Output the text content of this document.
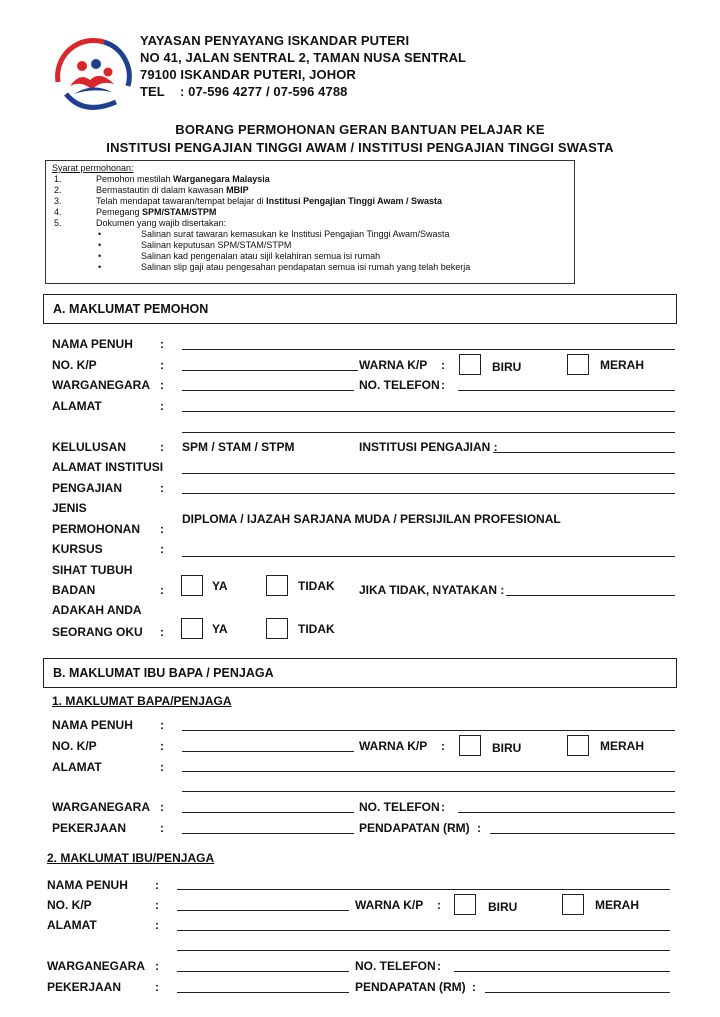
YAYASAN PENYAYANG ISKANDAR PUTERI
NO 41, JALAN SENTRAL 2, TAMAN NUSA SENTRAL
79100 ISKANDAR PUTERI, JOHOR
TEL : 07-596 4277 / 07-596 4788
BORANG PERMOHONAN GERAN BANTUAN PELAJAR KE
INSTITUSI PENGAJIAN TINGGI AWAM / INSTITUSI PENGAJIAN TINGGI SWASTA
Syarat permohonan:
1.	Pemohon mestilah Warganegara Malaysia
2.	Bermastautin di dalam kawasan MBIP
3.	Telah mendapat tawaran/tempat belajar di Institusi Pengajian Tinggi Awam / Swasta
4.	Pemegang SPM/STAM/STPM
5.	Dokumen yang wajib disertakan:
•	Salinan surat tawaran kemasukan ke Institusi Pengajian Tinggi Awam/Swasta
•	Salinan keputusan SPM/STAM/STPM
•	Salinan kad pengenalan atau sijil kelahiran semua isi rumah
•	Salinan slip gaji atau pengesahan pendapatan semua isi rumah yang telah bekerja
A. MAKLUMAT PEMOHON
NAMA PENUH :
NO. K/P	:	WARNA K/P :	BIRU	MERAH
WARGANEGARA :	NO. TELEFON :
ALAMAT	:
KELULUSAN	: SPM / STAM / STPM	INSTITUSI PENGAJIAN :
ALAMAT INSTITUSI
PENGAJIAN	:
JENIS
DIPLOMA / IJAZAH SARJANA MUDA / PERSIJILAN PROFESIONAL
PERMOHONAN :
KURSUS	:
SIHAT TUBUH
BADAN	:	YA	TIDAK JIKA TIDAK, NYATAKAN :
ADAKAH ANDA
SEORANG OKU :	YA	TIDAK
B. MAKLUMAT IBU BAPA / PENJAGA
1. MAKLUMAT BAPA/PENJAGA
NAMA PENUH :
NO. K/P	:	WARNA K/P :	BIRU	MERAH
ALAMAT	:
WARGANEGARA :	NO. TELEFON :
PEKERJAAN	:	PENDAPATAN (RM) :
2. MAKLUMAT IBU/PENJAGA
NAMA PENUH :
NO. K/P	:	WARNA K/P :	BIRU	MERAH
ALAMAT	:
WARGANEGARA :	NO. TELEFON :
PEKERJAAN	:	PENDAPATAN (RM) :
